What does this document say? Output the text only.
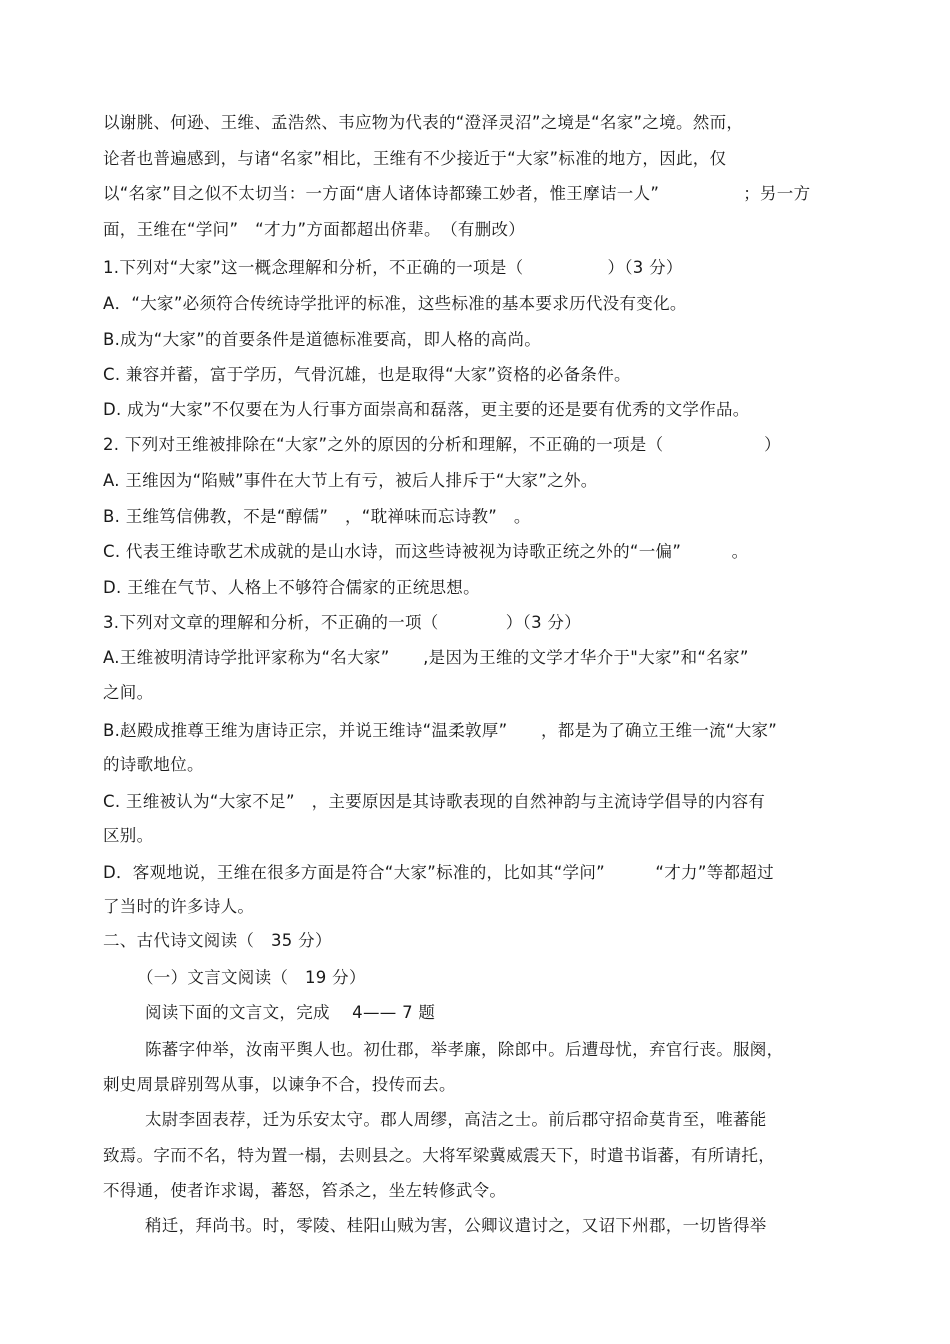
以谢朓、何逊、王维、孟浩然、韦应物为代表的“澄泽灵沼”之境是“名家”之境。然而，
论者也普遍感到，与诸“名家”相比，王维有不少接近于“大家”标准的地方，因此，仅
以“名家”目之似不太切当：一方面“唐人诸体诗都臻工妙者，惟王摩诘一人”　　　　　；另一方
面，王维在“学问”　“才力”方面都超出侪辈。　（有删改）
1.下列对“大家”这一概念理解和分析，不正确的一项是（　　　　　）（3 分）
A．“大家”必须符合传统诗学批评的标准，这些标准的基本要求历代没有变化。
B.成为“大家”的首要条件是道德标准要高，即人格的高尚。
C. 兼容并蓄，富于学历，气骨沉雄，也是取得“大家”资格的必备条件。
D. 成为“大家”不仅要在为人行事方面崇高和磊落，更主要的还是要有优秀的文学作品。
2. 下列对王维被排除在“大家”之外的原因的分析和理解，不正确的一项是（　　　　　　）
A. 王维因为“陷贼”事件在大节上有亏，被后人排斥于“大家”之外。
B. 王维笃信佛教，不是“醇儒”　，“耽禅味而忘诗教”　。
C. 代表王维诗歌艺术成就的是山水诗，而这些诗被视为诗歌正统之外的“一偏”　　　。
D. 王维在气节、人格上不够符合儒家的正统思想。
3.下列对文章的理解和分析，不正确的一项（　　　　）（3 分）
A.王维被明清诗学批评家称为“名大家”　　,是因为王维的文学才华介于"大家”和“名家”
之间。
B.赵殿成推尊王维为唐诗正宗，并说王维诗“温柔敦厚”　　，都是为了确立王维一流“大家”
的诗歌地位。
C. 王维被认为“大家不足”　，主要原因是其诗歌表现的自然神韵与主流诗学倡导的内容有
区别。
D．客观地说，王维在很多方面是符合“大家”标准的，比如其“学问”　　　“才力”等都超过
了当时的许多诗人。
二、古代诗文阅读（　35 分）
（一）文言文阅读（　19 分）
阅读下面的文言文，完成　 4—— 7 题
陈蕃字仲举，汝南平舆人也。初仕郡，举孝廉，除郎中。后遭母忧，弃官行丧。服阕，
刺史周景辟别驾从事，以谏争不合，投传而去。
太尉李固表荐，迁为乐安太守。郡人周缪，高洁之士。前后郡守招命莫肯至，唯蕃能
致焉。字而不名，特为置一榻，去则县之。大将军梁冀威震天下，时遣书诣蕃，有所请托，
不得通，使者诈求谒，蕃怒，笞杀之，坐左转修武令。
稍迁，拜尚书。时，零陵、桂阳山贼为害，公卿议遣讨之，又诏下州郡，一切皆得举
